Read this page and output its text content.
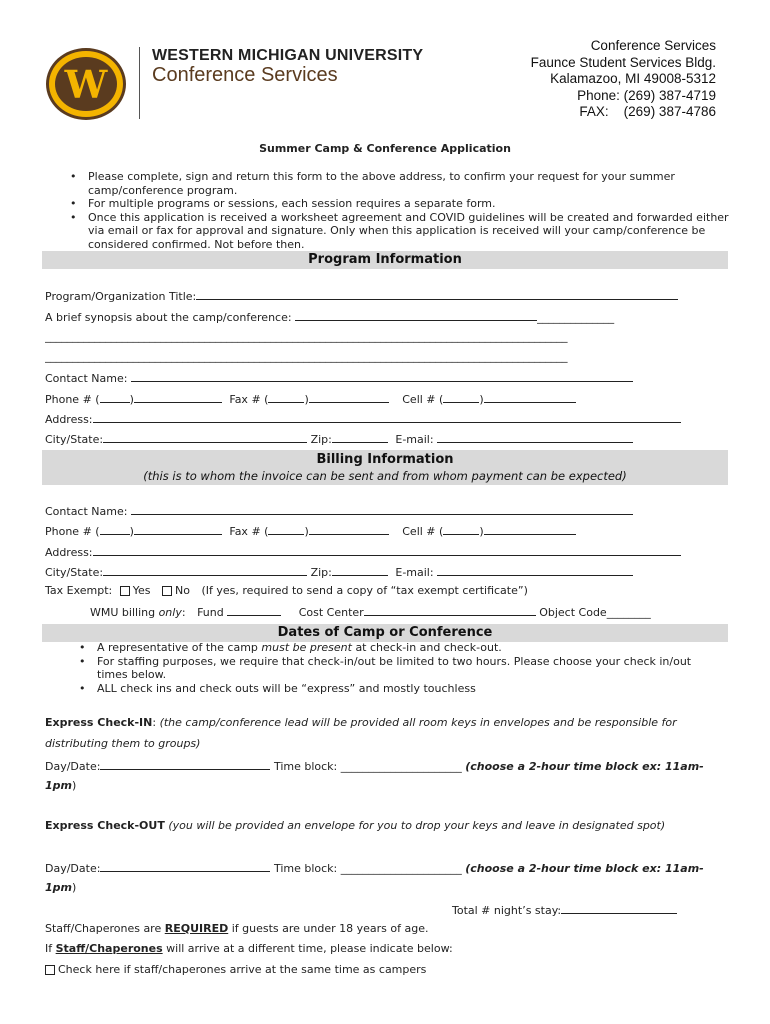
W
WESTERN MICHIGAN UNIVERSITY
Conference Services
Conference Services
Faunce Student Services Bldg.
Kalamazoo, MI 49008-5312
Phone: (269) 387-4719
FAX:    (269) 387-4786
Summer Camp & Conference Application
• Please complete, sign and return this form to the above address, to confirm your request for your summer camp/conference program.
• For multiple programs or sessions, each session requires a separate form.
• Once this application is received a worksheet agreement and COVID guidelines will be created and forwarded either via email or fax for approval and signature. Only when this application is received will your camp/conference be considered confirmed. Not before then.
Program Information
Program/Organization Title:
A brief synopsis about the camp/conference:	______________
_______________________________________________________________________________________________
_______________________________________________________________________________________________
Contact Name:
Phone # (	)	Fax # (	)	Cell # (	)
Address:
City/State:	Zip:	E-mail:
Billing Information
(this is to whom the invoice can be sent and from whom payment can be expected)
Contact Name:
Phone # (	)	Fax # (	)	Cell # (	)
Address:
City/State:	Zip:	E-mail:
Tax Exempt: Yes No (If yes, required to send a copy of “tax exempt certificate”)
WMU billing only: Fund	Cost Center	Object Code________
Dates of Camp or Conference
• A representative of the camp must be present at check-in and check-out.
• For staffing purposes, we require that check-in/out be limited to two hours. Please choose your check in/out times below.
• ALL check ins and check outs will be “express” and mostly touchless
Express Check-IN: (the camp/conference lead will be provided all room keys in envelopes and be responsible for
distributing them to groups)
Day/Date:	Time block: ______________________ (choose a 2-hour time block ex: 11am-
1pm)
Express Check-OUT (you will be provided an envelope for you to drop your keys and leave in designated spot)
Day/Date:	Time block: ______________________ (choose a 2-hour time block ex: 11am-
1pm)
Total # night’s stay:
Staff/Chaperones are REQUIRED if guests are under 18 years of age.
If Staff/Chaperones will arrive at a different time, please indicate below:
Check here if staff/chaperones arrive at the same time as campers
